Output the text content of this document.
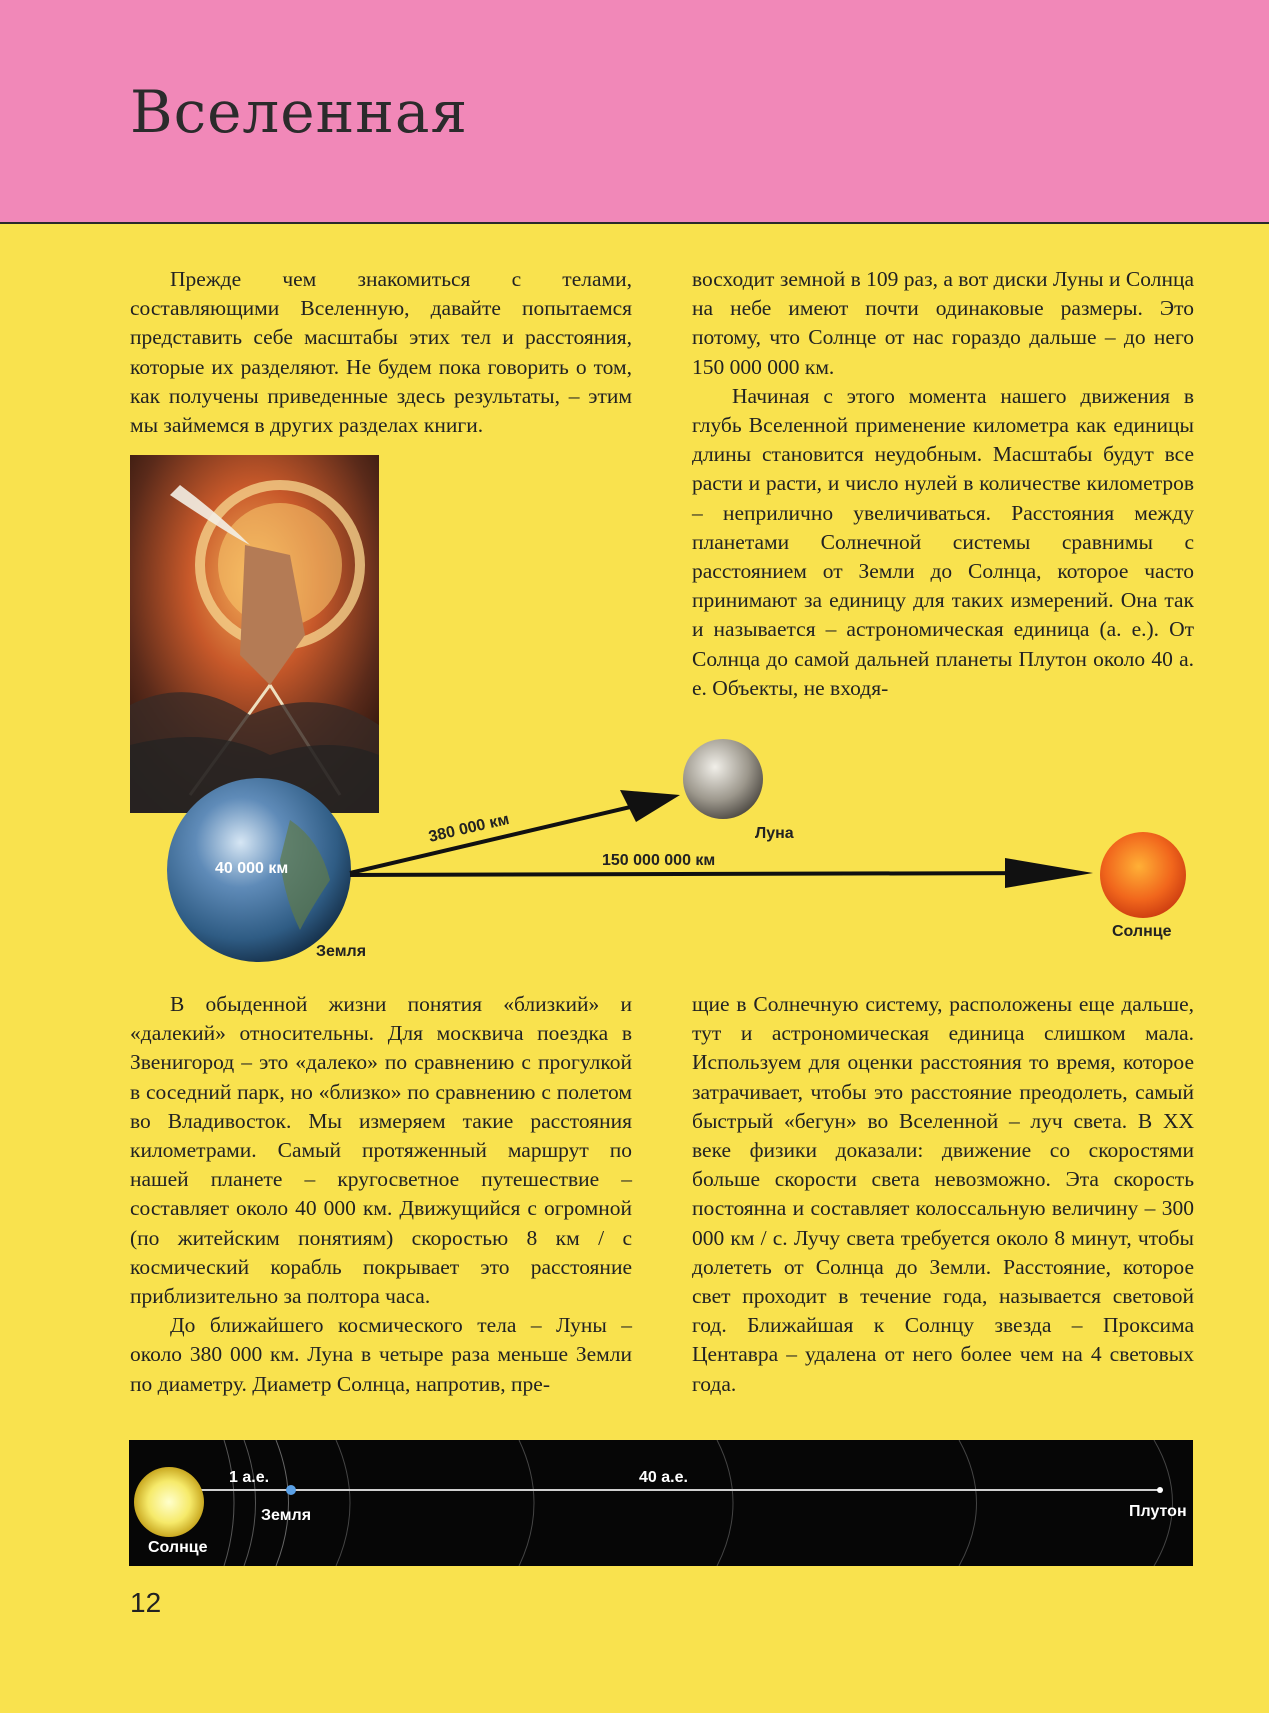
Вселенная

Прежде чем знакомиться с телами, составляющими Вселенную, давайте попытаемся представить себе масштабы этих тел и расстояния, которые их разделяют. Не будем пока говорить о том, как получены приведенные здесь результаты, – этим мы займемся в других разделах книги.

восходит земной в 109 раз, а вот диски Луны и Солнца на небе имеют почти одинаковые размеры. Это потому, что Солнце от нас гораздо дальше – до него 150 000 000 км.

Начиная с этого момента нашего движения в глубь Вселенной применение километра как единицы длины становится неудобным. Масштабы будут все расти и расти, и число нулей в количестве километров – неприлично увеличиваться. Расстояния между планетами Солнечной системы сравнимы с расстоянием от Земли до Солнца, которое часто принимают за единицу для таких измерений. Она так и называется – астрономическая единица (а. е.). От Солнца до самой дальней планеты Плутон около 40 а. е. Объекты, не входя-

40 000 км
Земля
380 000 км	Луна
150 000 000 км
Солнце

В обыденной жизни понятия «близкий» и «далекий» относительны. Для москвича поездка в Звенигород – это «далеко» по сравнению с прогулкой в соседний парк, но «близко» по сравнению с полетом во Владивосток. Мы измеряем такие расстояния километрами. Самый протяженный маршрут по нашей планете – кругосветное путешествие – составляет около 40 000 км. Движущийся с огромной (по житейским понятиям) скоростью 8 км / с космический корабль покрывает это расстояние приблизительно за полтора часа.

До ближайшего космического тела – Луны – около 380 000 км. Луна в четыре раза меньше Земли по диаметру. Диаметр Солнца, напротив, пре-

щие в Солнечную систему, расположены еще дальше, тут и астрономическая единица слишком мала. Используем для оценки расстояния то время, которое затрачивает, чтобы это расстояние преодолеть, самый быстрый «бегун» во Вселенной – луч света. В XX веке физики доказали: движение со скоростями больше скорости света невозможно. Эта скорость постоянна и составляет колоссальную величину – 300 000 км / с. Лучу света требуется около 8 минут, чтобы долететь от Солнца до Земли. Расстояние, которое свет проходит в течение года, называется световой год. Ближайшая к Солнцу звезда – Проксима Центавра – удалена от него более чем на 4 световых года.

1 а.е.	40 а.е.
Солнце
Земля	Плутон
12
